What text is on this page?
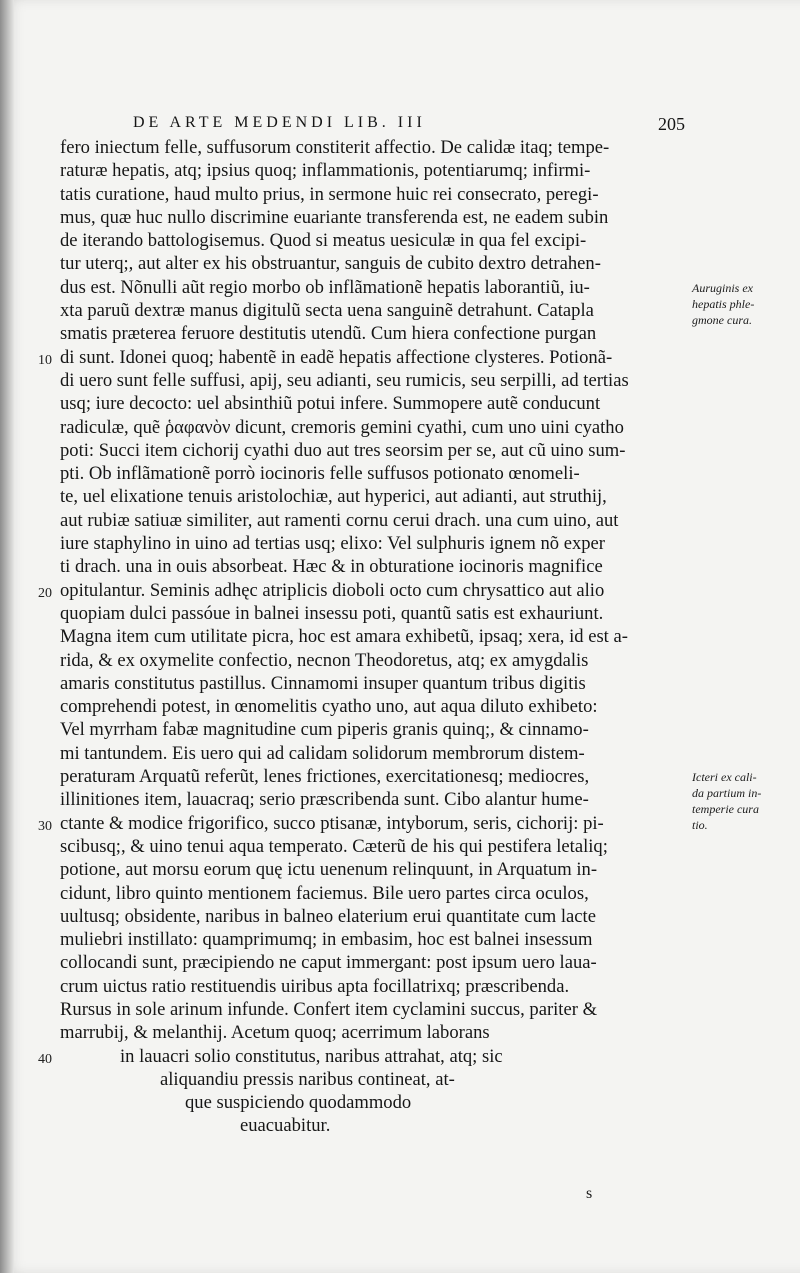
DE ARTE MEDENDI LIB. III	205
fero iniectum felle, suffusorum constiterit affectio. De calidæ itaq; tempe-
raturæ hepatis, atq; ipsius quoq; inflammationis, potentiarumq; infirmi-
tatis curatione, haud multo prius, in sermone huic rei consecrato, peregi-
mus, quæ huc nullo discrimine euariante transferenda est, ne eadem subin
de iterando battologisemus. Quod si meatus uesiculæ in qua fel excipi-
tur uterq;, aut alter ex his obstruantur, sanguis de cubito dextro detrahen-
dus est. Nõnulli aũt regio morbo ob inflãmationẽ hepatis laborantiũ, iu-
xta paruũ dextræ manus digitulũ secta uena sanguinẽ detrahunt. Catapla
smatis præterea feruore destitutis utendũ. Cum hiera confectione purgan
10 di sunt. Idonei quoq; habentẽ in eadẽ hepatis affectione clysteres. Potionã-
di uero sunt felle suffusi, apij, seu adianti, seu rumicis, seu serpilli, ad tertias
usq; iure decocto: uel absinthiũ potui infere. Summopere autẽ conducunt
radiculæ, quẽ ῥαφανὸν dicunt, cremoris gemini cyathi, cum uno uini cyatho
poti: Succi item cichorij cyathi duo aut tres seorsim per se, aut cũ uino sum-
pti. Ob inflãmationẽ porrò iocinoris felle suffusos potionato œnomeli-
te, uel elixatione tenuis aristolochiæ, aut hyperici, aut adianti, aut struthij,
aut rubiæ satiuæ similiter, aut ramenti cornu cerui drach. una cum uino, aut
iure staphylino in uino ad tertias usq; elixo: Vel sulphuris ignem nõ exper
ti drach. una in ouis absorbeat. Hæc & in obturatione iocinoris magnifice
20 opitulantur. Seminis adhęc atriplicis dioboli octo cum chrysattico aut alio
quopiam dulci passóue in balnei insessu poti, quantũ satis est exhauriunt.
Magna item cum utilitate picra, hoc est amara exhibetũ, ipsaq; xera, id est a-
rida, & ex oxymelite confectio, necnon Theodoretus, atq; ex amygdalis
amaris constitutus pastillus. Cinnamomi insuper quantum tribus digitis
comprehendi potest, in œnomelitis cyatho uno, aut aqua diluto exhibeto:
Vel myrrham fabæ magnitudine cum piperis granis quinq;, & cinnamo-
mi tantundem. Eis uero qui ad calidam solidorum membrorum distem-
peraturam Arquatũ referũt, lenes frictiones, exercitationesq; mediocres,
illinitiones item, lauacraq; serio præscribenda sunt. Cibo alantur hume-
30 ctante & modice frigorifico, succo ptisanæ, intyborum, seris, cichorij: pi-
scibusq;, & uino tenui aqua temperato. Cæterũ de his qui pestifera letaliq;
potione, aut morsu eorum quę ictu uenenum relinquunt, in Arquatum in-
cidunt, libro quinto mentionem faciemus. Bile uero partes circa oculos,
uultusq; obsidente, naribus in balneo elaterium erui quantitate cum lacte
muliebri instillato: quamprimumq; in embasim, hoc est balnei insessum
collocandi sunt, præcipiendo ne caput immergant: post ipsum uero laua-
crum uictus ratio restituendis uiribus apta focillatrixq; præscribenda.
Rursus in sole arinum infunde. Confert item cyclamini succus, pariter &
marrubij, & melanthij. Acetum quoq; acerrimum laborans
40	in lauacri solio constitutus, naribus attrahat, atq; sic
aliquandiu pressis naribus contineat, at-
que suspiciendo quodammodo
euacuabitur.
Auruginis ex
hepatis phle-
gmone cura.
Icteri ex cali-
da partium in-
temperie cura
tio.
s
